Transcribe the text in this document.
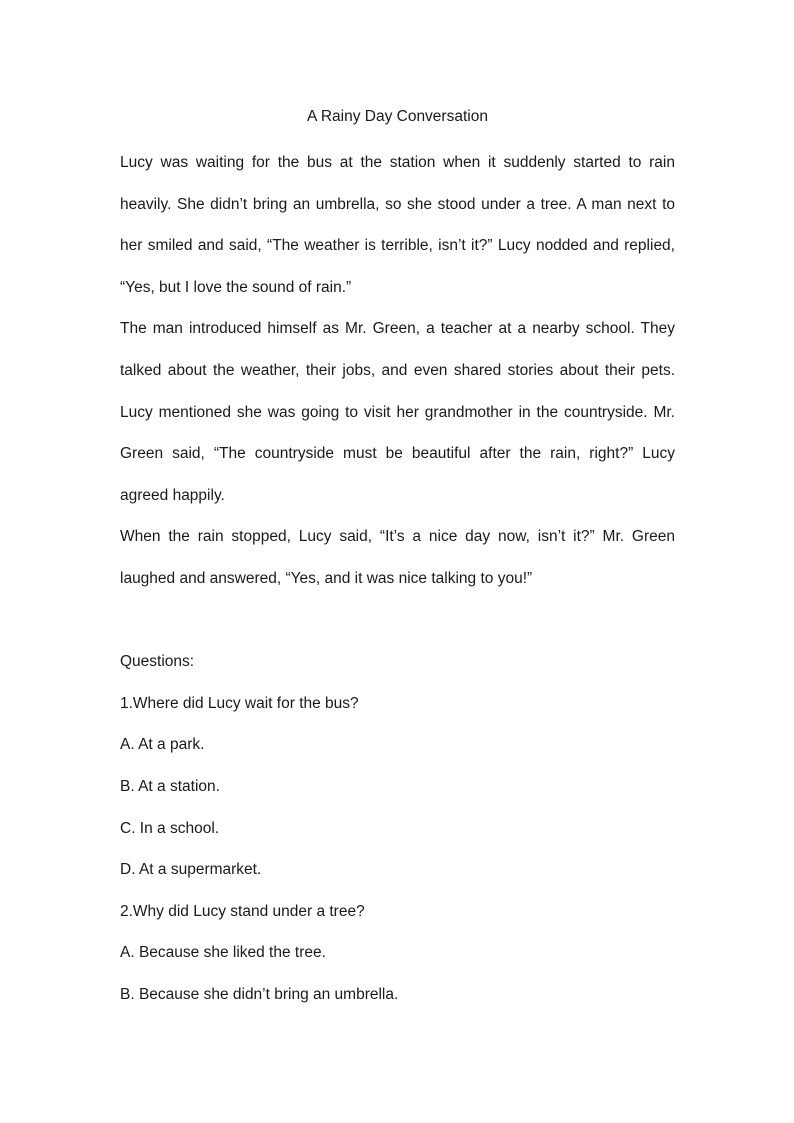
A Rainy Day Conversation

Lucy was waiting for the bus at the station when it suddenly started to rain heavily. She didn’t bring an umbrella, so she stood under a tree. A man next to her smiled and said, “The weather is terrible, isn’t it?” Lucy nodded and replied, “Yes, but I love the sound of rain.”

The man introduced himself as Mr. Green, a teacher at a nearby school. They talked about the weather, their jobs, and even shared stories about their pets. Lucy mentioned she was going to visit her grandmother in the countryside. Mr. Green said, “The countryside must be beautiful after the rain, right?” Lucy agreed happily.

When the rain stopped, Lucy said, “It’s a nice day now, isn’t it?” Mr. Green laughed and answered, “Yes, and it was nice talking to you!”

Questions:

1.Where did Lucy wait for the bus?

A. At a park.

B. At a station.

C. In a school.

D. At a supermarket.

2.Why did Lucy stand under a tree?

A. Because she liked the tree.

B. Because she didn’t bring an umbrella.
